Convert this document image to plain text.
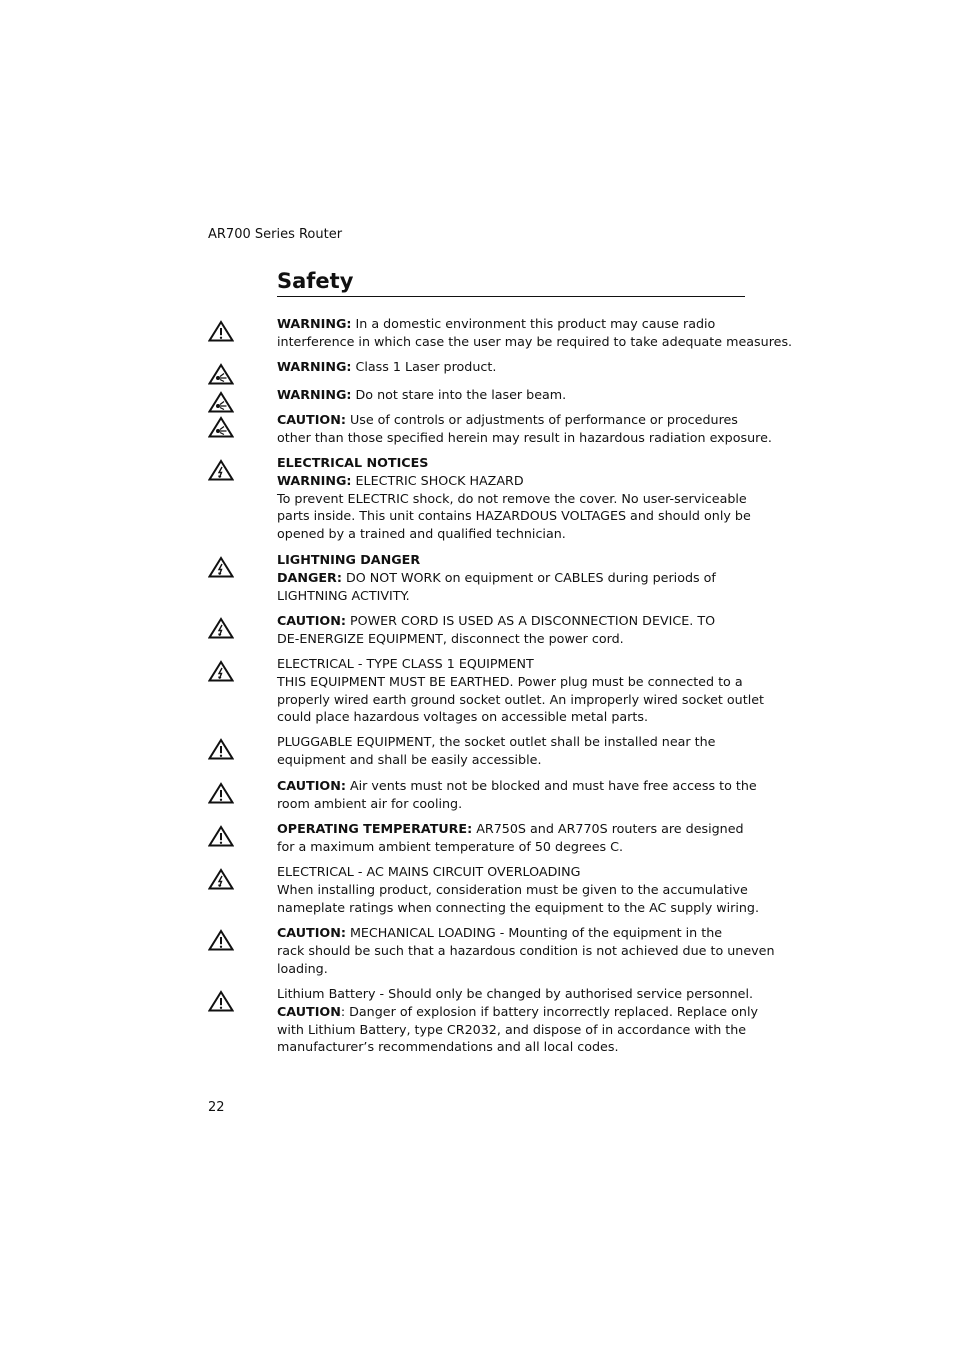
AR700 Series Router
Safety
WARNING: In a domestic environment this product may cause radio
interference in which case the user may be required to take adequate measures.
WARNING: Class 1 Laser product.
WARNING: Do not stare into the laser beam.
CAUTION: Use of controls or adjustments of performance or procedures
other than those specified herein may result in hazardous radiation exposure.
ELECTRICAL NOTICES
WARNING: ELECTRIC SHOCK HAZARD
To prevent ELECTRIC shock, do not remove the cover. No user-serviceable
parts inside. This unit contains HAZARDOUS VOLTAGES and should only be
opened by a trained and qualified technician.
LIGHTNING DANGER
DANGER: DO NOT WORK on equipment or CABLES during periods of
LIGHTNING ACTIVITY.
CAUTION: POWER CORD IS USED AS A DISCONNECTION DEVICE. TO
DE-ENERGIZE EQUIPMENT, disconnect the power cord.
ELECTRICAL - TYPE CLASS 1 EQUIPMENT
THIS EQUIPMENT MUST BE EARTHED. Power plug must be connected to a
properly wired earth ground socket outlet. An improperly wired socket outlet
could place hazardous voltages on accessible metal parts.
PLUGGABLE EQUIPMENT, the socket outlet shall be installed near the
equipment and shall be easily accessible.
CAUTION: Air vents must not be blocked and must have free access to the
room ambient air for cooling.
OPERATING TEMPERATURE: AR750S and AR770S routers are designed
for a maximum ambient temperature of 50 degrees C.
ELECTRICAL - AC MAINS CIRCUIT OVERLOADING
When installing product, consideration must be given to the accumulative
nameplate ratings when connecting the equipment to the AC supply wiring.
CAUTION: MECHANICAL LOADING - Mounting of the equipment in the
rack should be such that a hazardous condition is not achieved due to uneven
loading.
Lithium Battery - Should only be changed by authorised service personnel.
CAUTION: Danger of explosion if battery incorrectly replaced. Replace only
with Lithium Battery, type CR2032, and dispose of in accordance with the
manufacturer’s recommendations and all local codes.
22
